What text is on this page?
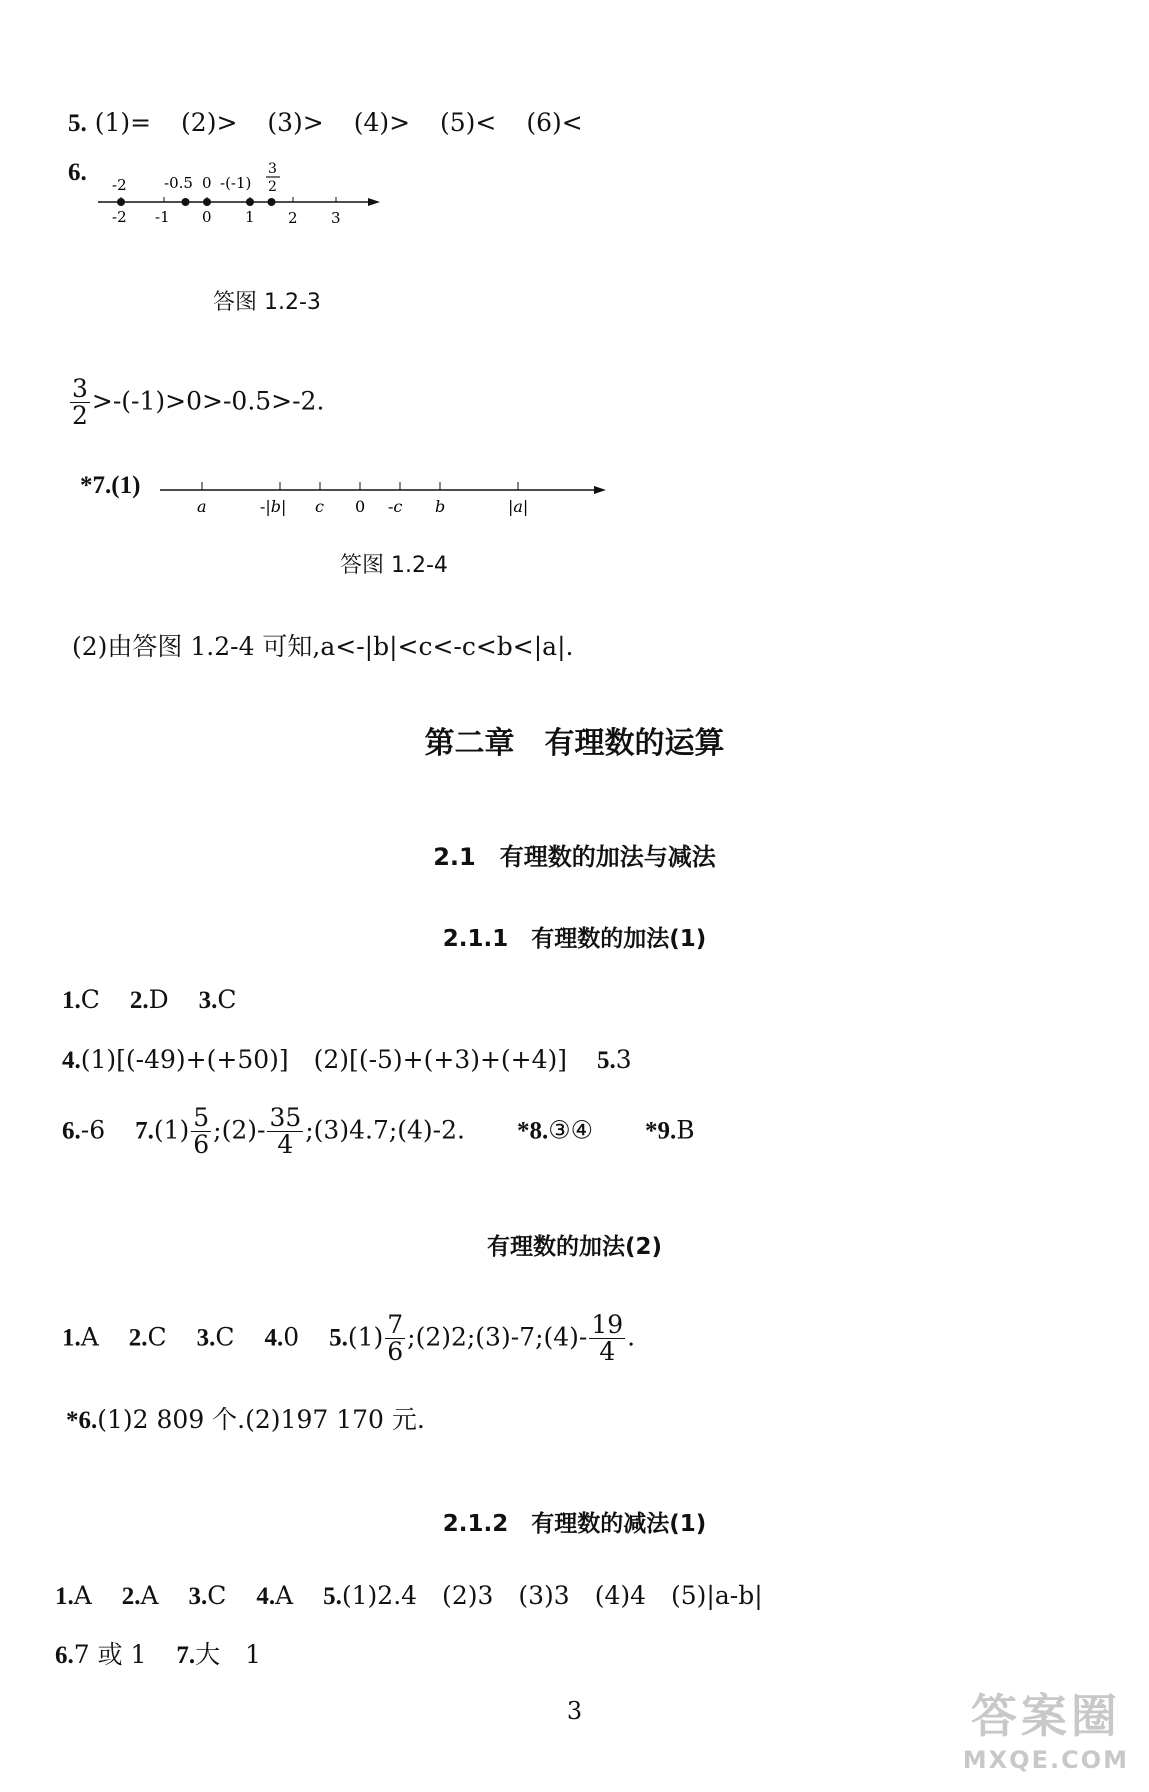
5. (1)= (2)> (3)> (4)> (5)< (6)<
6. -2 -0.5 0 -(-1)
3
2
-2 -1 0 1 2 3
答图 1.2-3
$\frac{3}{2} >-(-1)>0>-0.5>-2$.
*7.(1)
a	-|b| c 0 -c b	|a|
答图 1.2-4
(2)由答图 1.2-4 可知,a<-|b|<c<-c<b<|a|.
第二章　有理数的运算
2.1　有理数的加法与减法
2.1.1　有理数的加法(1)
1.C 2.D 3.C
4.(1)[(-49)+(+50)]　(2)[(-5)+(+3)+(+4)] 5.3
6.-6 $7.(1) \frac{5}{6}$ ;(2)- $\frac{35}{4}$ ;(3)4.7;(4)-2. *8.③④ *9.B
有理数的加法(2)
1.A 2.C 3.C 4.0 $5.(1) \frac{7}{6}$ ;(2)2;(3)-7;(4)- $\frac{19}{4}$ .
*6.(1)2 809 个.(2)197 170 元.
2.1.2　有理数的减法(1)
1.A 2.A 3.C 4.A 5.(1)2.4　(2)3　(3)3　(4)4　(5)|a-b|
6.7 或 1 7.大　1
3	答案圈
MXQE.COM
